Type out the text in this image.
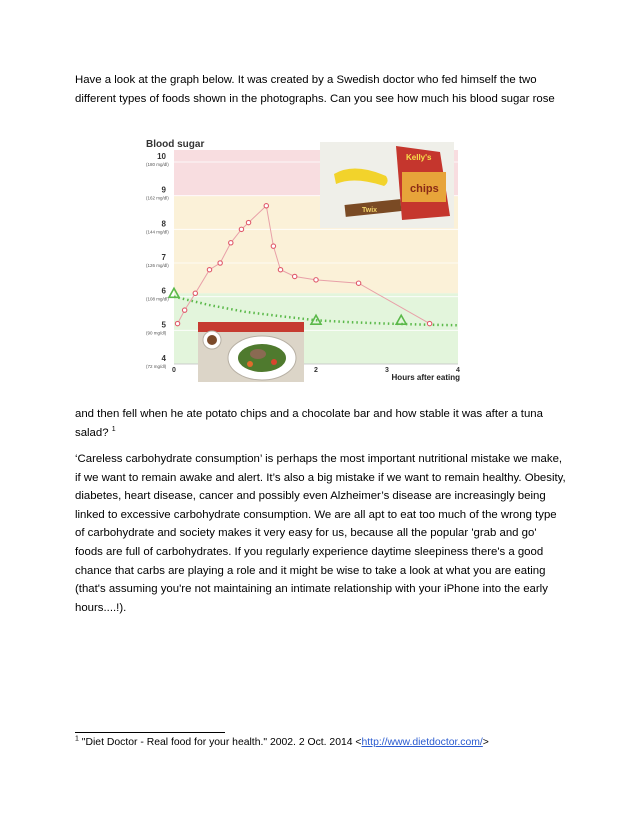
Have a look at the graph below. It was created by a Swedish doctor who fed himself the two different types of foods shown in the photographs. Can you see how much his blood sugar rose

Blood sugar
10
(180 mg/dl)
9
(162 mg/dl)
8
(144 mg/dl)
7
(126 mg/dl)
6
(108 mg/dl)
5
(90 mg/dl)
4
(72 mg/dl)
0	2	3	4
Hours after eating
Kelly's
chips
Twix

and then fell when he ate potato chips and a chocolate bar and how stable it was after a tuna salad? $^1$

‘Careless carbohydrate consumption’ is perhaps the most important nutritional mistake we make, if we want to remain awake and alert. It’s also a big mistake if we want to remain healthy. Obesity, diabetes, heart disease, cancer and possibly even Alzheimer’s disease are increasingly being linked to excessive carbohydrate consumption. We are all apt to eat too much of the wrong type of carbohydrate and society makes it very easy for us, because all the popular 'grab and go' foods are full of carbohydrates. If you regularly experience daytime sleepiness there's a good chance that carbs are playing a role and it might be wise to take a look at what you are eating (that's assuming you're not maintaining an intimate relationship with your iPhone into the early hours....!).

$^1$ "Diet Doctor - Real food for your health." 2002. 2 Oct. 2014 <http://www.dietdoctor.com/>
